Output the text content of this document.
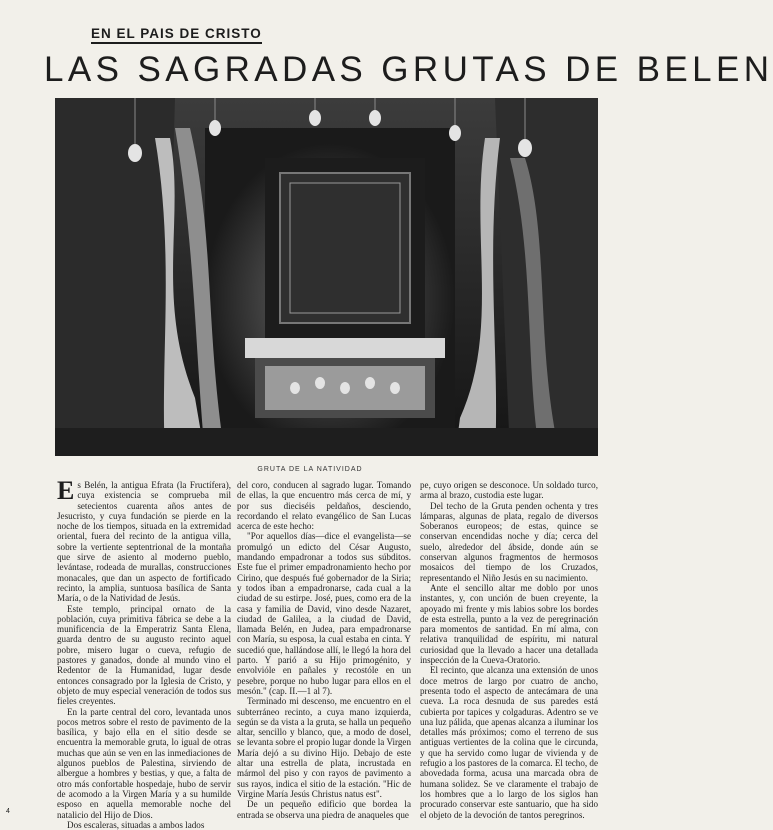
EN EL PAIS DE CRISTO
LAS SAGRADAS GRUTAS DE BELEN
GRUTA DE LA NATIVIDAD

Es Belén, la antigua Efrata (la Fructífera), cuya existencia se comprueba mil setecientos cuarenta años antes de Jesucristo, y cuya fundación se pierde en la noche de los tiempos, situada en la extremidad oriental, fuera del recinto de la antigua villa, sobre la vertiente septentrional de la montaña que sirve de asiento al moderno pueblo, levántase, rodeada de murallas, construcciones monacales, que dan un aspecto de fortificado recinto, la amplia, suntuosa basílica de Santa María, o de la Natividad de Jesús.

Este templo, principal ornato de la población, cuya primitiva fábrica se debe a la munificencia de la Emperatriz Santa Elena, guarda dentro de su augusto recinto aquel pobre, misero lugar o cueva, refugio de pastores y ganados, donde al mundo vino el Redentor de la Humanidad, lugar desde entonces consagrado por la Iglesia de Cristo, y objeto de muy especial veneración de todos sus fieles creyentes.

En la parte central del coro, levantada unos pocos metros sobre el resto de pavimento de la basílica, y bajo ella en el sitio desde se encuentra la memorable gruta, lo igual de otras muchas que aún se ven en las inmediaciones de algunos pueblos de Palestina, sirviendo de albergue a hombres y bestias, y que, a falta de otro más confortable hospedaje, hubo de servir de acomodo a la Virgen María y a su humilde esposo en aquella memorable noche del natalicio del Hijo de Dios.

Dos escaleras, situadas a ambos lados

del coro, conducen al sagrado lugar. Tomando de ellas, la que encuentro más cerca de mí, y por sus dieciséis peldaños, desciendo, recordando el relato evangélico de San Lucas acerca de este hecho:

"Por aquellos días—dice el evangelista—se promulgó un edicto del César Augusto, mandando empadronar a todos sus súbditos. Este fue el primer empadronamiento hecho por Cirino, que después fué gobernador de la Siria; y todos iban a empadronarse, cada cual a la ciudad de su estirpe. José, pues, como era de la casa y familia de David, vino desde Nazaret, ciudad de Galilea, a la ciudad de David, llamada Belén, en Judea, para empadronarse con María, su esposa, la cual estaba en cinta. Y sucedió que, hallándose allí, le llegó la hora del parto. Y parió a su Hijo primogénito, y envolvióle en pañales y recostóle en un pesebre, porque no hubo lugar para ellos en el mesón." (cap. II.—1 al 7).

Terminado mi descenso, me encuentro en el subterráneo recinto, a cuya mano izquierda, según se da vista a la gruta, se halla un pequeño altar, sencillo y blanco, que, a modo de dosel, se levanta sobre el propio lugar donde la Virgen María dejó a su divino Hijo. Debajo de este altar una estrella de plata, incrustada en mármol del piso y con rayos de pavimento a sus rayos, indica el sitio de la estación. "Hic de Virgine María Jesús Christus natus est".

De un pequeño edificio que bordea la entrada se observa una piedra de anaqueles que

pe, cuyo origen se desconoce. Un soldado turco, arma al brazo, custodia este lugar.

Del techo de la Gruta penden ochenta y tres lámparas, algunas de plata, regalo de diversos Soberanos europeos; de estas, quince se conservan encendidas noche y día; cerca del suelo, alrededor del ábside, donde aún se conservan algunos fragmentos de hermosos mosaicos del tiempo de los Cruzados, representando el Niño Jesús en su nacimiento.

Ante el sencillo altar me doblo por unos instantes, y, con unción de buen creyente, la apoyado mi frente y mis labios sobre los bordes de esta estrella, punto a la vez de peregrinación para momentos de santidad. En mí alma, con relativa tranquilidad de espíritu, mi natural curiosidad que la llevado a hacer una detallada inspección de la Cueva-Oratorio.

El recinto, que alcanza una extensión de unos doce metros de largo por cuatro de ancho, presenta todo el aspecto de antecámara de una cueva. La roca desnuda de sus paredes está cubierta por tapices y colgaduras. Adentro se ve una luz pálida, que apenas alcanza a iluminar los detalles más próximos; como el terreno de sus antiguas vertientes de la colina que le circunda, y que ha servido como lugar de vivienda y de refugio a los pastores de la comarca. El techo, de abovedada forma, acusa una marcada obra de humana solidez. Se ve claramente el trabajo de los hombres que a lo largo de los siglos han procurado conservar este santuario, que ha sido el objeto de la devoción de tantos peregrinos.

4
